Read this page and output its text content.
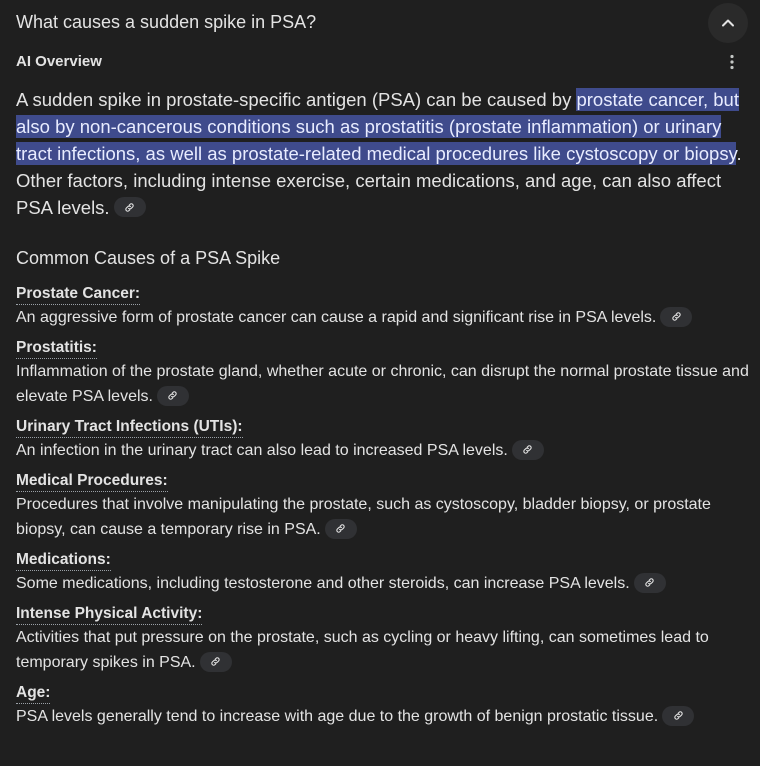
What causes a sudden spike in PSA?
AI Overview

A sudden spike in prostate-specific antigen (PSA) can be caused by prostate cancer, but also by non-cancerous conditions such as prostatitis (prostate inflammation) or urinary tract infections, as well as prostate-related medical procedures like cystoscopy or biopsy. Other factors, including intense exercise, certain medications, and age, can also affect PSA levels.

Common Causes of a PSA Spike
Prostate Cancer:
An aggressive form of prostate cancer can cause a rapid and significant rise in PSA levels.
Prostatitis:
Inflammation of the prostate gland, whether acute or chronic, can disrupt the normal prostate tissue and elevate PSA levels.
Urinary Tract Infections (UTIs):
An infection in the urinary tract can also lead to increased PSA levels.
Medical Procedures:
Procedures that involve manipulating the prostate, such as cystoscopy, bladder biopsy, or prostate biopsy, can cause a temporary rise in PSA.
Medications:
Some medications, including testosterone and other steroids, can increase PSA levels.
Intense Physical Activity:
Activities that put pressure on the prostate, such as cycling or heavy lifting, can sometimes lead to temporary spikes in PSA.
Age:
PSA levels generally tend to increase with age due to the growth of benign prostatic tissue.
